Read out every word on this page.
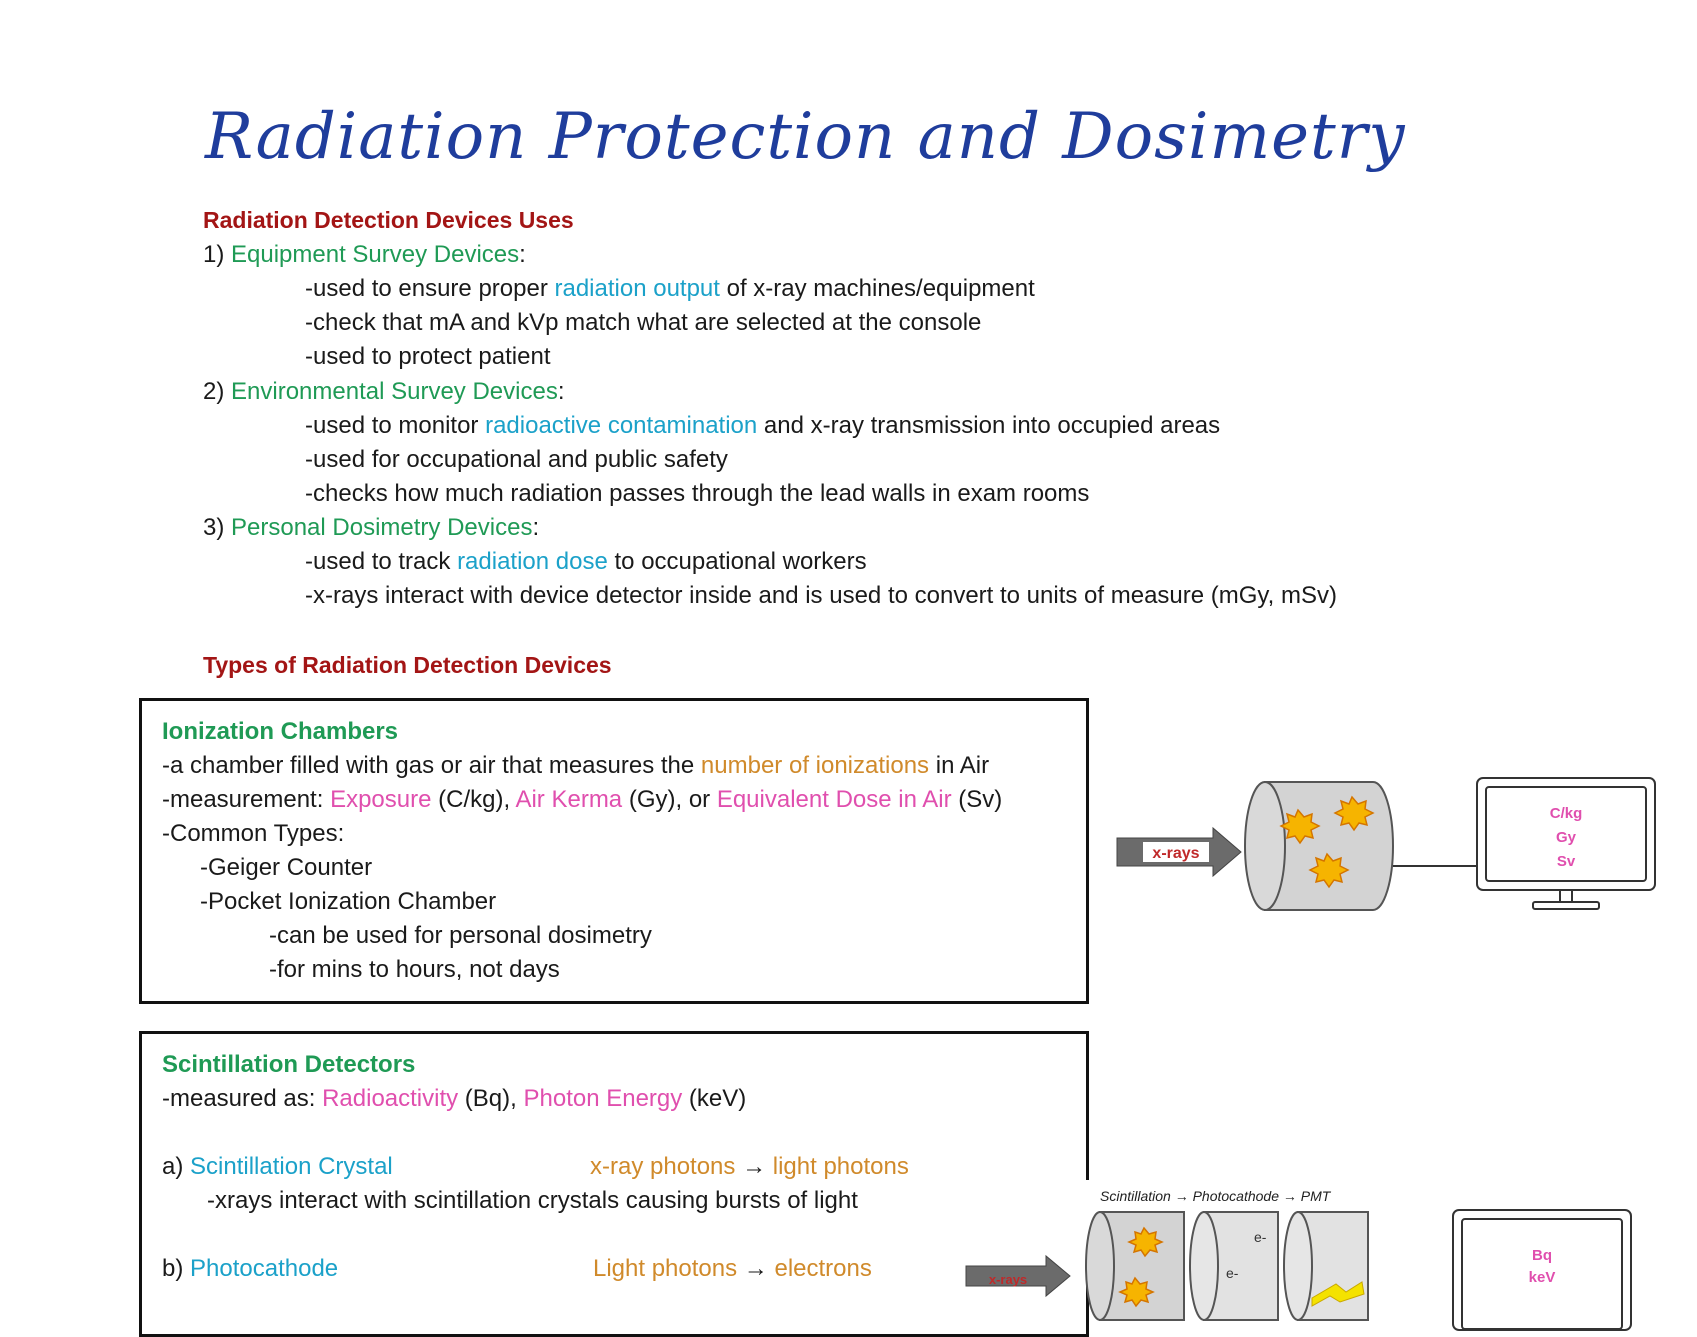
Radiation Protection and Dosimetry
Radiation Detection Devices Uses
1) Equipment Survey Devices:
-used to ensure proper radiation output of x-ray machines/equipment
-check that mA and kVp match what are selected at the console
-used to protect patient
2) Environmental Survey Devices:
-used to monitor radioactive contamination and x-ray transmission into occupied areas
-used for occupational and public safety
-checks how much radiation passes through the lead walls in exam rooms
3) Personal Dosimetry Devices:
-used to track radiation dose to occupational workers
-x-rays interact with device detector inside and is used to convert to units of measure (mGy, mSv)
Types of Radiation Detection Devices
Ionization Chambers
-a chamber filled with gas or air that measures the number of ionizations in Air
-measurement: Exposure (C/kg), Air Kerma (Gy), or Equivalent Dose in Air (Sv)
-Common Types:
-Geiger Counter
-Pocket Ionization Chamber
-can be used for personal dosimetry
-for mins to hours, not days
x-rays
C/kg
Gy
Sv
Scintillation Detectors
-measured as: Radioactivity (Bq), Photon Energy (keV)
a) Scintillation Crystal	x-ray photons → light photons
-xrays interact with scintillation crystals causing bursts of light
b) Photocathode	Light photons → electrons
Scintillation → Photocathode → PMT
x-rays
e-
e-
Bq
keV
